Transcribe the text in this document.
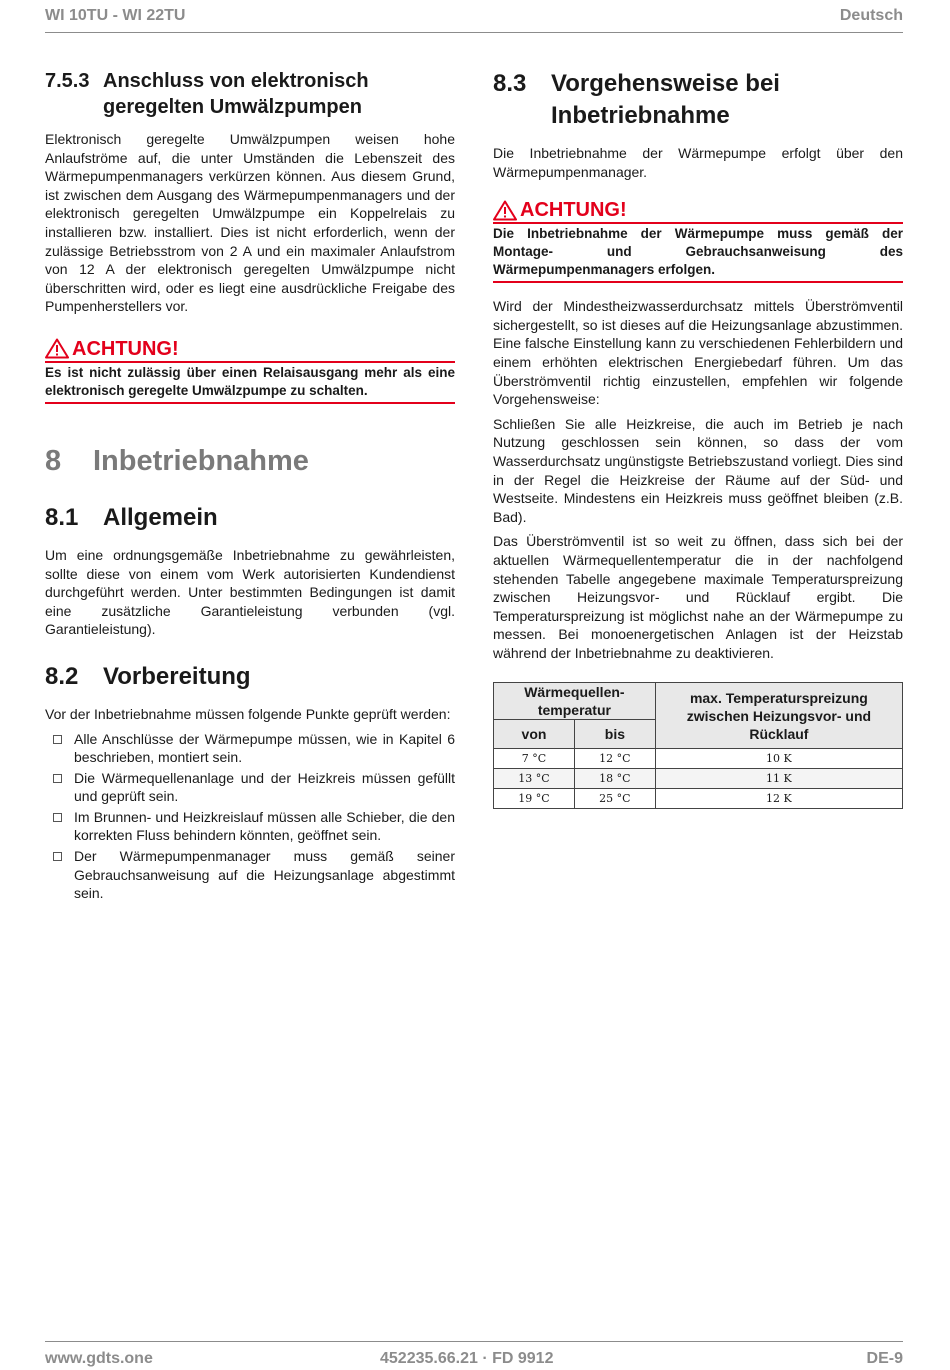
WI 10TU - WI 22TU	Deutsch
7.5.3 Anschluss von elektronisch geregelten Umwälzpumpen

Elektronisch geregelte Umwälzpumpen weisen hohe Anlaufströme auf, die unter Umständen die Lebenszeit des Wärmepumpenmanagers verkürzen können. Aus diesem Grund, ist zwischen dem Ausgang des Wärmepumpenmanagers und der elektronisch geregelten Umwälzpumpe ein Koppelrelais zu installieren bzw. installiert. Dies ist nicht erforderlich, wenn der zulässige Betriebsstrom von 2 A und ein maximaler Anlaufstrom von 12 A der elektronisch geregelten Umwälzpumpe nicht überschritten wird, oder es liegt eine ausdrückliche Freigabe des Pumpenherstellers vor.

ACHTUNG!
Es ist nicht zulässig über einen Relaisausgang mehr als eine elektronisch geregelte Umwälzpumpe zu schalten.
8	Inbetriebnahme
8.1	Allgemein

Um eine ordnungsgemäße Inbetriebnahme zu gewährleisten, sollte diese von einem vom Werk autorisierten Kundendienst durchgeführt werden. Unter bestimmten Bedingungen ist damit eine zusätzliche Garantieleistung verbunden (vgl. Garantieleistung).

8.2	Vorbereitung

Vor der Inbetriebnahme müssen folgende Punkte geprüft werden:

Alle Anschlüsse der Wärmepumpe müssen, wie in Kapitel 6 beschrieben, montiert sein.
Die Wärmequellenanlage und der Heizkreis müssen gefüllt und geprüft sein.
Im Brunnen- und Heizkreislauf müssen alle Schieber, die den korrekten Fluss behindern könnten, geöffnet sein.
Der Wärmepumpenmanager muss gemäß seiner Gebrauchsanweisung auf die Heizungsanlage abgestimmt sein.
8.3	Vorgehensweise bei Inbetriebnahme

Die Inbetriebnahme der Wärmepumpe erfolgt über den Wärmepumpenmanager.

ACHTUNG!
Die Inbetriebnahme der Wärmepumpe muss gemäß der Montage- und Gebrauchsanweisung des Wärmepumpenmanagers erfolgen.

Wird der Mindestheizwasserdurchsatz mittels Überströmventil sichergestellt, so ist dieses auf die Heizungsanlage abzustimmen. Eine falsche Einstellung kann zu verschiedenen Fehlerbildern und einem erhöhten elektrischen Energiebedarf führen. Um das Überströmventil richtig einzustellen, empfehlen wir folgende Vorgehensweise:

Schließen Sie alle Heizkreise, die auch im Betrieb je nach Nutzung geschlossen sein können, so dass der vom Wasserdurchsatz ungünstigste Betriebszustand vorliegt. Dies sind in der Regel die Heizkreise der Räume auf der Süd- und Westseite. Mindestens ein Heizkreis muss geöffnet bleiben (z.B. Bad).

Das Überströmventil ist so weit zu öffnen, dass sich bei der aktuellen Wärmequellentemperatur die in der nachfolgend stehenden Tabelle angegebene maximale Temperaturspreizung zwischen Heizungsvor- und Rücklauf ergibt. Die Temperaturspreizung ist möglichst nahe an der Wärmepumpe zu messen. Bei monoenergetischen Anlagen ist der Heizstab während der Inbetriebnahme zu deaktivieren.

Wärmequellen-temperatur		max. Temperaturspreizung zwischen Heizungsvor- und Rücklauf
von	bis	
7 °C	12 °C	10 K
13 °C	18 °C	11 K
19 °C	25 °C	12 K
www.gdts.one	452235.66.21 · FD 9912	DE-9
